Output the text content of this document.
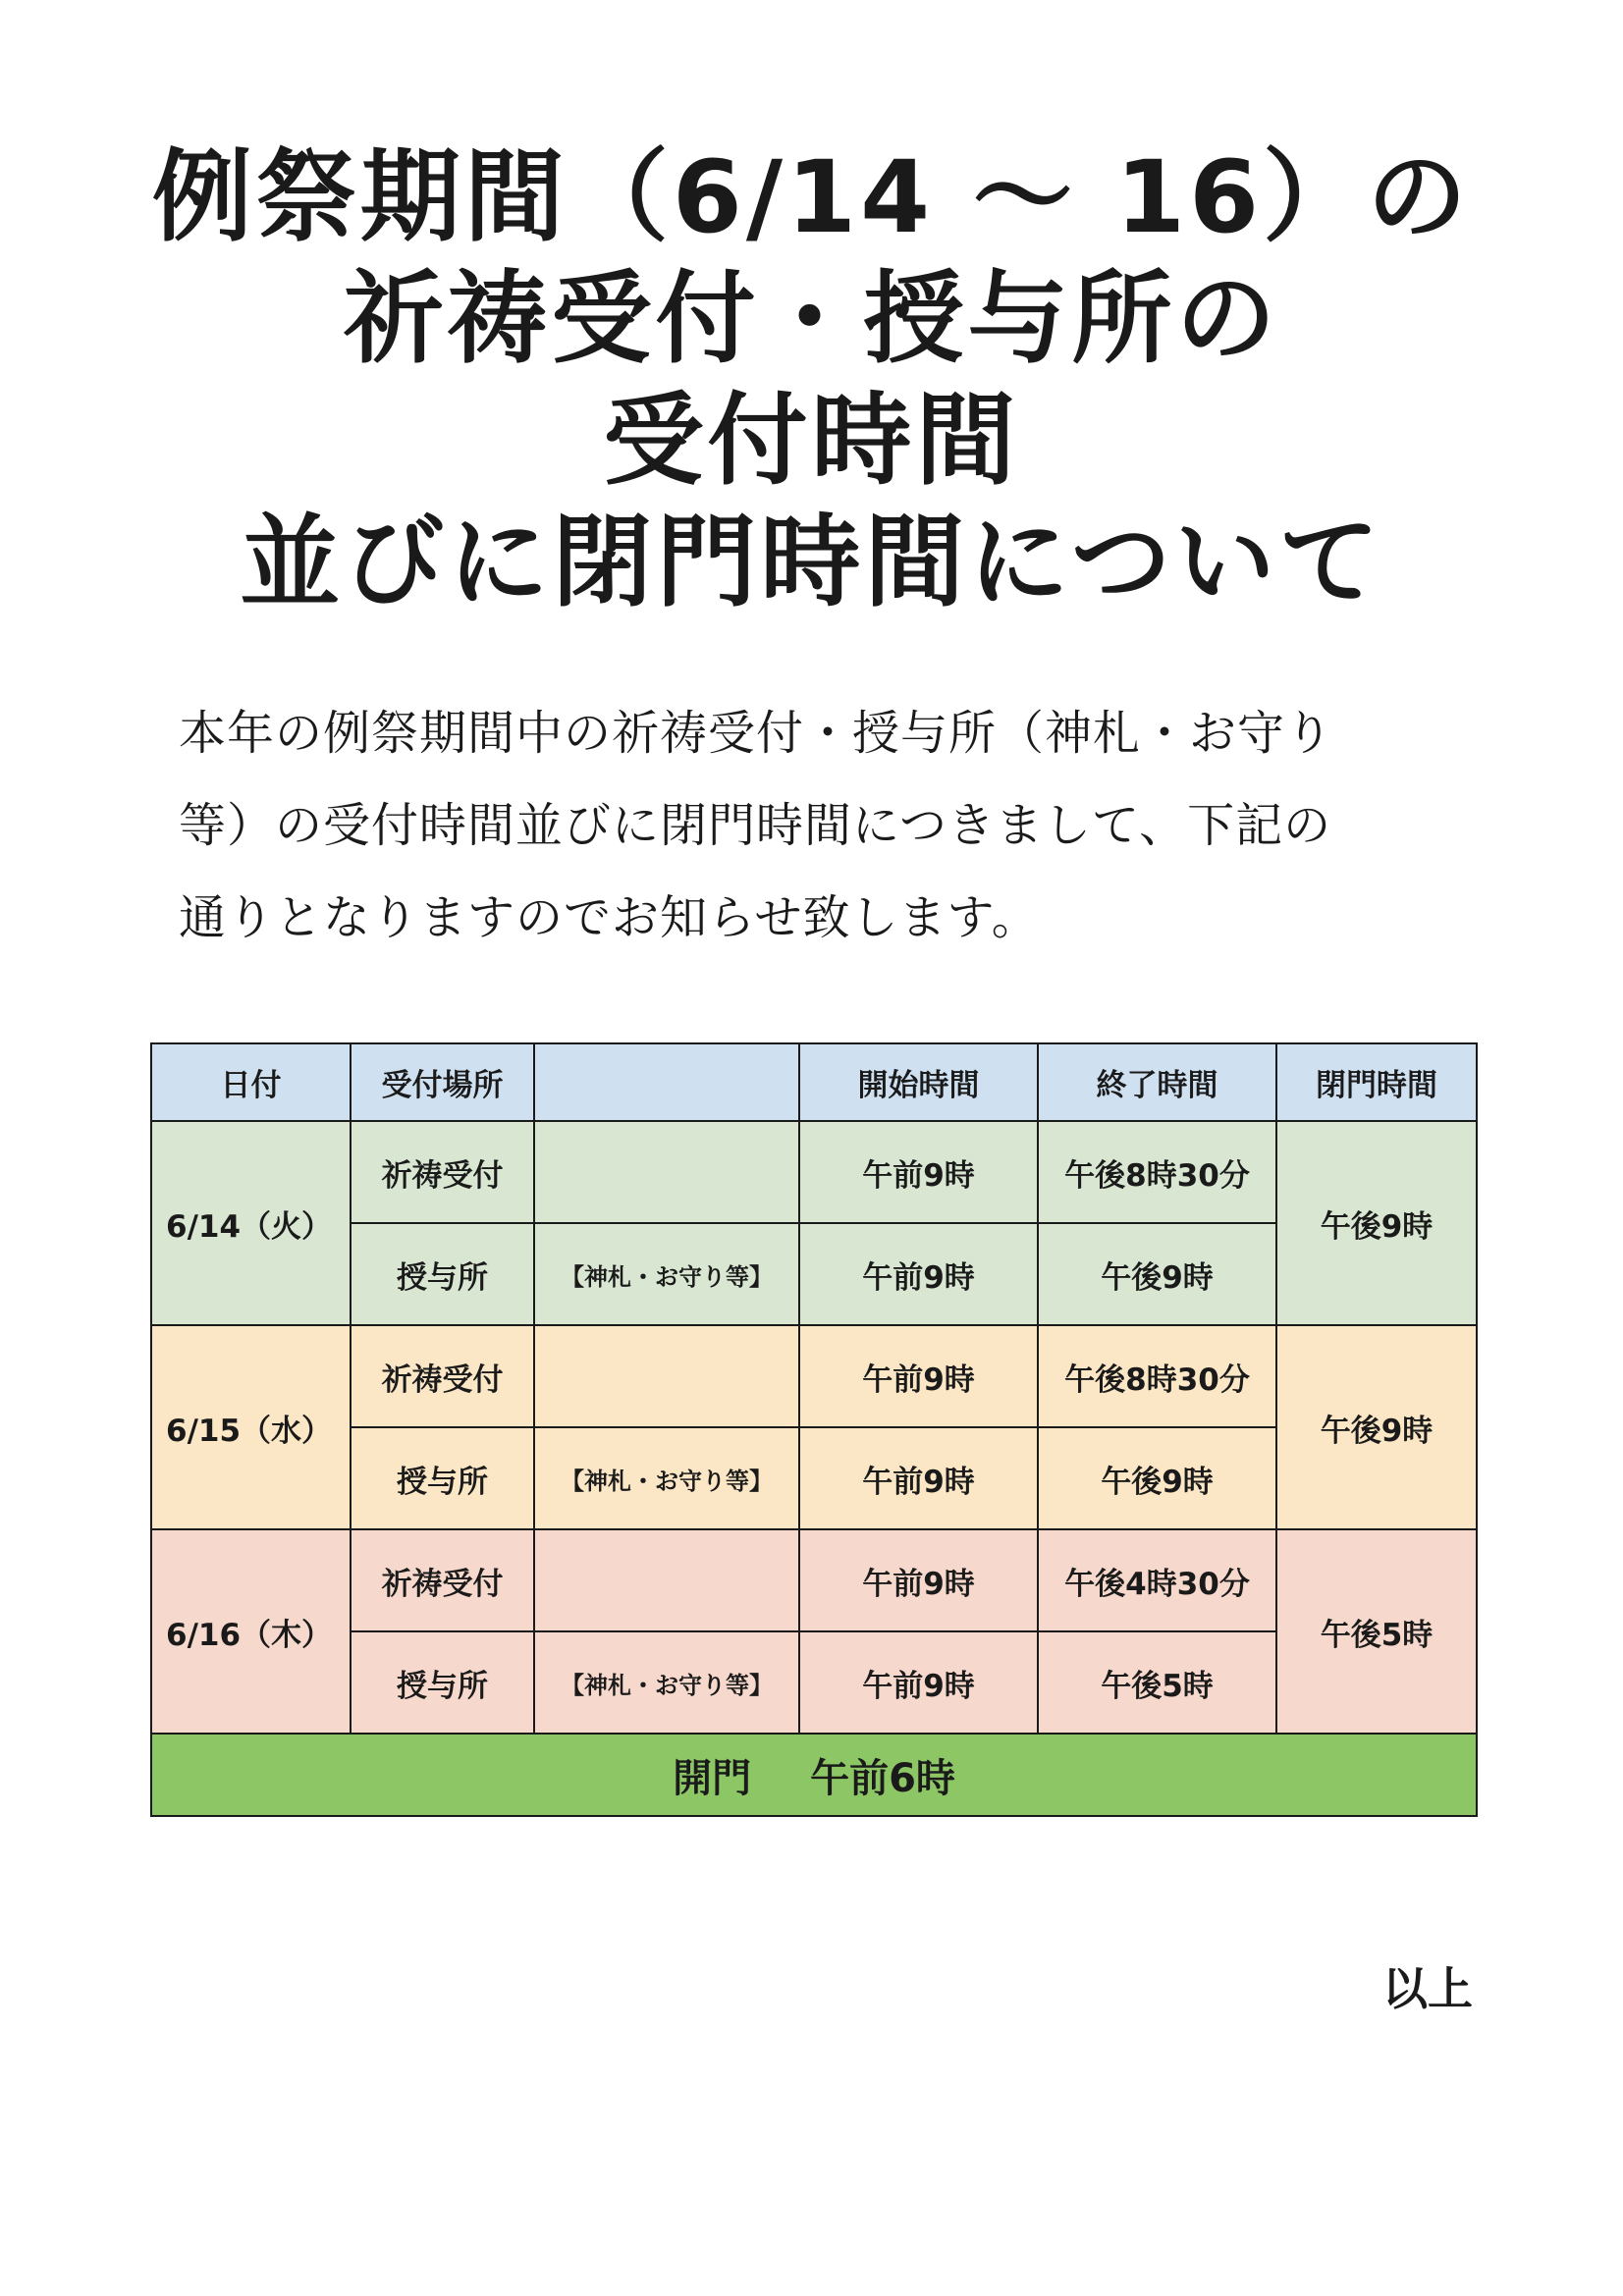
例祭期間（6/14 ～ 16）の
祈祷受付・授与所の
受付時間
並びに閉門時間について
本年の例祭期間中の祈祷受付・授与所（神札・お守り
等）の受付時間並びに閉門時間につきまして、下記の
通りとなりますのでお知らせ致します。
日付	受付場所		開始時間	終了時間	閉門時間
6/14（火）	祈祷受付		午前9時	午後8時30分	午後9時
	授与所	【神札・お守り等】	午前9時	午後9時	
6/15（水）	祈祷受付		午前9時	午後8時30分	午後9時
	授与所	【神札・お守り等】	午前9時	午後9時	
6/16（木）	祈祷受付		午前9時	午後4時30分	午後5時
	授与所	【神札・お守り等】	午前9時	午後5時	
開門 午前6時					
以上
